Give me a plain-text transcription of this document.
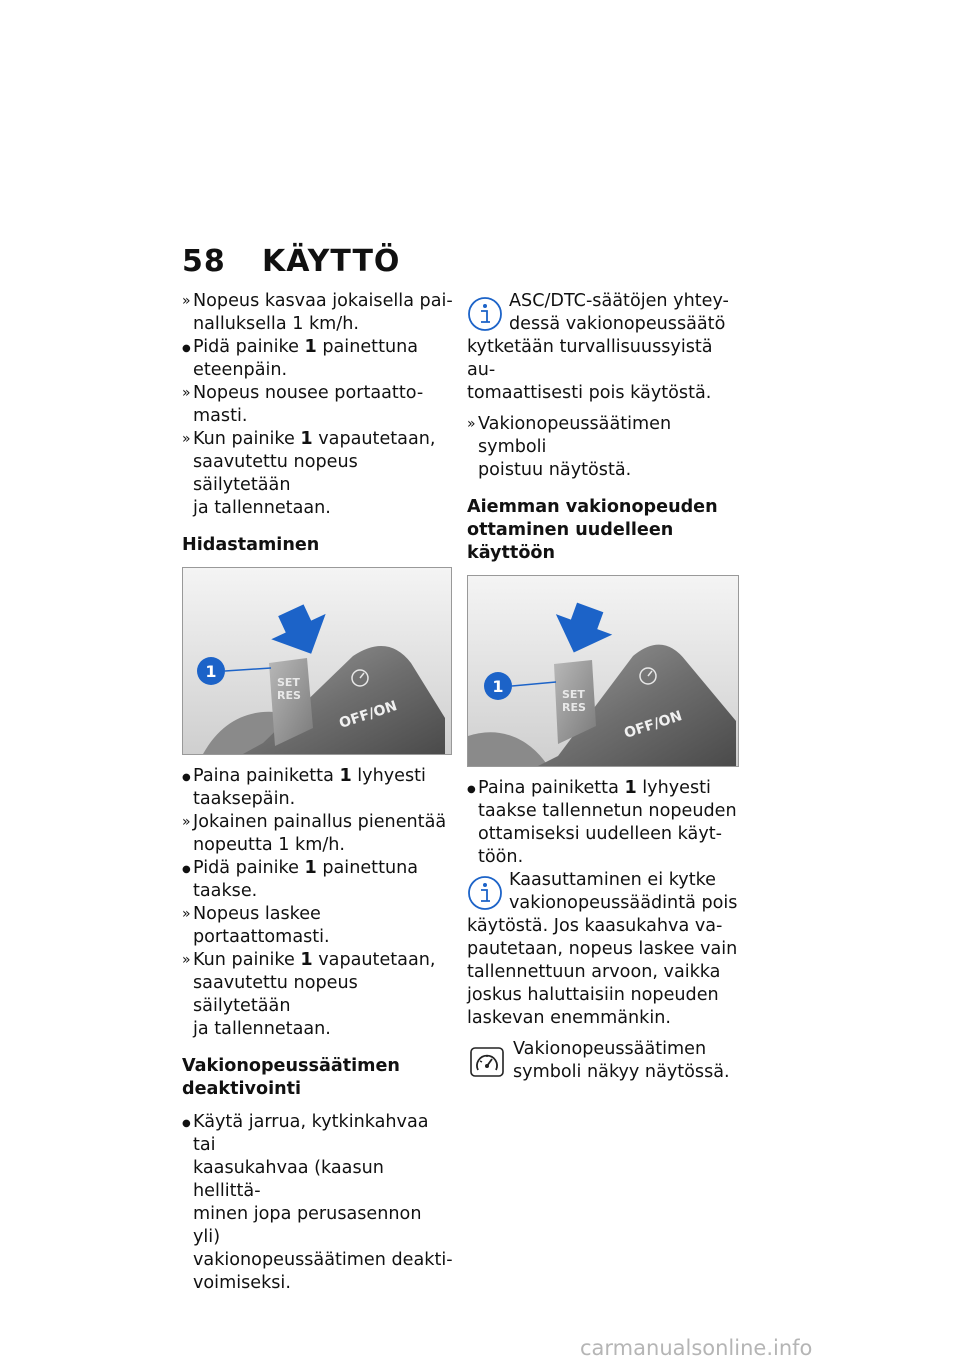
58 KÄYTTÖ

» Nopeus kasvaa jokaisella pai-
nalluksella 1 km/h.

● Pidä painike 1 painettuna
eteenpäin.

» Nopeus nousee portaatto-
masti.

» Kun painike 1 vapautetaan,
saavutettu nopeus säilytetään
ja tallennetaan.

Hidastaminen
1
SET
RES
OFF/ON

● Paina painiketta 1 lyhyesti
taaksepäin.

» Jokainen painallus pienentää
nopeutta 1 km/h.

● Pidä painike 1 painettuna
taakse.

» Nopeus laskee portaattomasti.

» Kun painike 1 vapautetaan,
saavutettu nopeus säilytetään
ja tallennetaan.

Vakionopeussäätimen
deaktivointi

● Käytä jarrua, kytkinkahvaa tai
kaasukahvaa (kaasun hellittä-
minen jopa perusasennon yli)
vakionopeussäätimen deakti-
voimiseksi.

ASC/DTC-säätöjen yhtey-
dessä vakionopeussäätö
kytketään turvallisuussyistä au-
tomaattisesti pois käytöstä.

» Vakionopeussäätimen symboli
poistuu näytöstä.

Aiemman vakionopeuden
ottaminen uudelleen käyttöön
1	SET
RES
OFF/ON

● Paina painiketta 1 lyhyesti
taakse tallennetun nopeuden
ottamiseksi uudelleen käyt-
töön.

Kaasuttaminen ei kytke
vakionopeussäädintä pois
käytöstä. Jos kaasukahva va-
pautetaan, nopeus laskee vain
tallennettuun arvoon, vaikka
joskus haluttaisiin nopeuden
laskevan enemmänkin.
Vakionopeussäätimen
symboli näkyy näytössä.
carmanualsonline.info
